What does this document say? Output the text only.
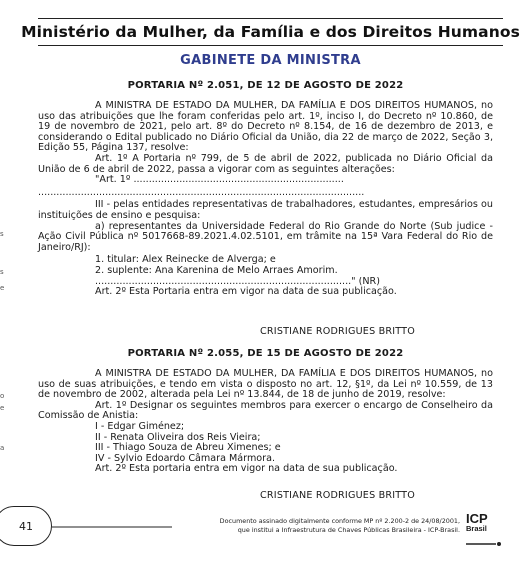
s
s
e
o
e
a
Ministério da Mulher, da Família e dos Direitos Humanos
GABINETE DA MINISTRA
PORTARIA Nº 2.051, DE 12 DE AGOSTO DE 2022

A MINISTRA DE ESTADO DA MULHER, DA FAMÍLIA E DOS DIREITOS HUMANOS, no uso das atribuições que lhe foram conferidas pelo art. 1º, inciso I, do Decreto nº 10.860, de 19 de novembro de 2021, pelo art. 8º do Decreto nº 8.154, de 16 de dezembro de 2013, e considerando o Edital publicado no Diário Oficial da União, dia 22 de março de 2022, Seção 3, Edição 55, Página 137, resolve:

Art. 1º A Portaria nº 799, de 5 de abril de 2022, publicada no Diário Oficial da União de 6 de abril de 2022, passa a vigorar com as seguintes alterações:

"Art. 1º .....................................................................

...........................................................................................................

III - pelas entidades representativas de trabalhadores, estudantes, empresários ou instituições de ensino e pesquisa:

a) representantes da Universidade Federal do Rio Grande do Norte (Sub judice - Ação Civil Pública nº 5017668-89.2021.4.02.5101, em trâmite na 15ª Vara Federal do Rio de Janeiro/RJ):

1. titular: Alex Reinecke de Alverga; e

2. suplente: Ana Karenina de Melo Arraes Amorim.

...................................................................................." (NR)

Art. 2º Esta Portaria entra em vigor na data de sua publicação.

CRISTIANE RODRIGUES BRITTO
PORTARIA Nº 2.055, DE 15 DE AGOSTO DE 2022

A MINISTRA DE ESTADO DA MULHER, DA FAMÍLIA E DOS DIREITOS HUMANOS, no uso de suas atribuições, e tendo em vista o disposto no art. 12, §1º, da Lei nº 10.559, de 13 de novembro de 2002, alterada pela Lei nº 13.844, de 18 de junho de 2019, resolve:

Art. 1º Designar os seguintes membros para exercer o encargo de Conselheiro da Comissão de Anistia:

I - Edgar Giménez;

II - Renata Oliveira dos Reis Vieira;

III - Thiago Souza de Abreu Ximenes; e

IV - Sylvio Edoardo Câmara Mármora.

Art. 2º Esta portaria entra em vigor na data de sua publicação.

CRISTIANE RODRIGUES BRITTO
41	Documento assinado digitalmente conforme MP nº 2.200-2 de 24/08/2001,
que institui a Infraestrutura de Chaves Públicas Brasileira - ICP-Brasil.
ICP
Brasil
